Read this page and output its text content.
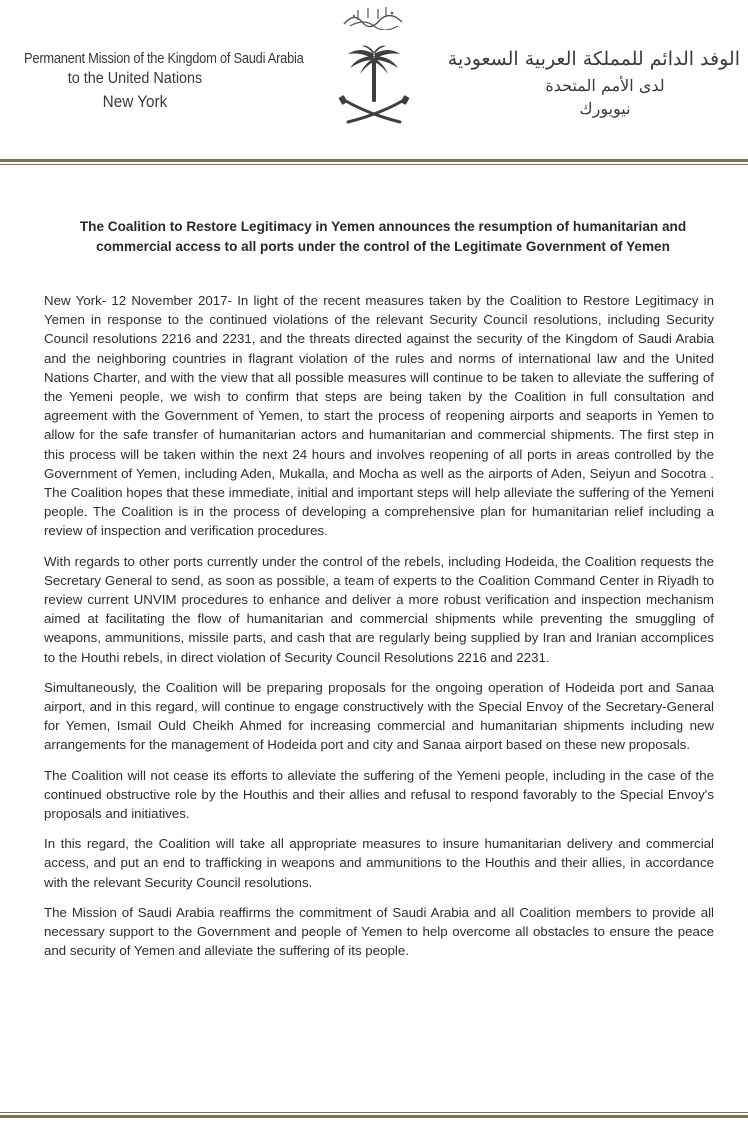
Permanent Mission of the Kingdom of Saudi Arabia
to the United Nations
New York
الوفد الدائم للمملكة العربية السعودية
لدى الأمم المتحدة
نيويورك
The Coalition to Restore Legitimacy in Yemen announces the resumption of humanitarian and
commercial access to all ports under the control of the Legitimate Government of Yemen

New York- 12 November 2017- In light of the recent measures taken by the Coalition to Restore Legitimacy in Yemen in response to the continued violations of the relevant Security Council resolutions, including Security Council resolutions 2216 and 2231, and the threats directed against the security of the Kingdom of Saudi Arabia and the neighboring countries in flagrant violation of the rules and norms of international law and the United Nations Charter, and with the view that all possible measures will continue to be taken to alleviate the suffering of the Yemeni people, we wish to confirm that steps are being taken by the Coalition in full consultation and agreement with the Government of Yemen, to start the process of reopening airports and seaports in Yemen to allow for the safe transfer of humanitarian actors and humanitarian and commercial shipments. The first step in this process will be taken within the next 24 hours and involves reopening of all ports in areas controlled by the Government of Yemen, including Aden, Mukalla, and Mocha as well as the airports of Aden, Seiyun and Socotra . The Coalition hopes that these immediate, initial and important steps will help alleviate the suffering of the Yemeni people. The Coalition is in the process of developing a comprehensive plan for humanitarian relief including a review of inspection and verification procedures.

With regards to other ports currently under the control of the rebels, including Hodeida, the Coalition requests the Secretary General to send, as soon as possible, a team of experts to the Coalition Command Center in Riyadh to review current UNVIM procedures to enhance and deliver a more robust verification and inspection mechanism aimed at facilitating the flow of humanitarian and commercial shipments while preventing the smuggling of weapons, ammunitions, missile parts, and cash that are regularly being supplied by Iran and Iranian accomplices to the Houthi rebels, in direct violation of Security Council Resolutions 2216 and 2231.

Simultaneously, the Coalition will be preparing proposals for the ongoing operation of Hodeida port and Sanaa airport, and in this regard, will continue to engage constructively with the Special Envoy of the Secretary-General for Yemen, Ismail Ould Cheikh Ahmed for increasing commercial and humanitarian shipments including new arrangements for the management of Hodeida port and city and Sanaa airport based on these new proposals.

The Coalition will not cease its efforts to alleviate the suffering of the Yemeni people, including in the case of the continued obstructive role by the Houthis and their allies and refusal to respond favorably to the Special Envoy's proposals and initiatives.

In this regard, the Coalition will take all appropriate measures to insure humanitarian delivery and commercial access, and put an end to trafficking in weapons and ammunitions to the Houthis and their allies, in accordance with the relevant Security Council resolutions.

The Mission of Saudi Arabia reaffirms the commitment of Saudi Arabia and all Coalition members to provide all necessary support to the Government and people of Yemen to help overcome all obstacles to ensure the peace and security of Yemen and alleviate the suffering of its people.
